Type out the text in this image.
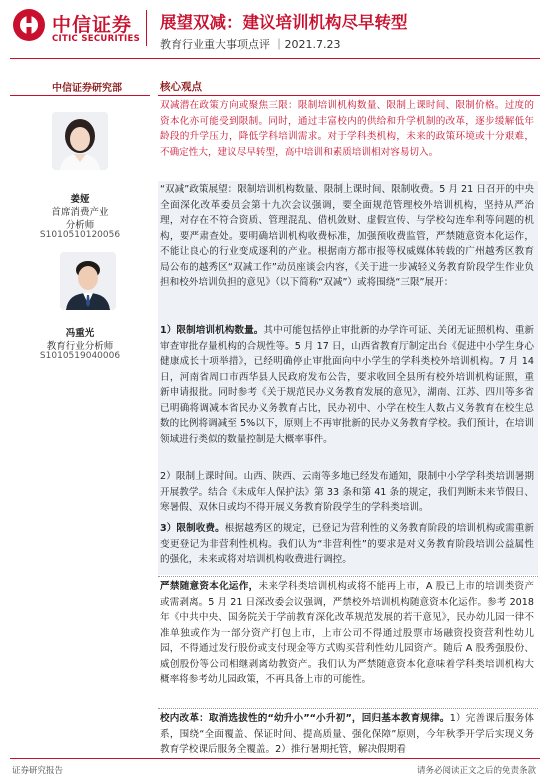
中信证券
CITIC SECURITIES
展望双减：建议培训机构尽早转型
教育行业重大事项点评 ｜2021.7.23
中信证券研究部
姜娅
首席消费产业
分析师
S1010510120056
冯重光
教育行业分析师
S1010519040006
核心观点
双减潜在政策方向或聚焦三限：限制培训机构数量、限制上课时间、限制价格。过度的资本化亦可能受到限制。同时，通过丰富校内的供给和升学机制的改革，逐步缓解低年龄段的升学压力，降低学科培训需求。对于学科类机构，未来的政策环境或十分艰难，不确定性大，建议尽早转型，高中培训和素质培训相对容易切入。
“双减”政策展望：限制培训机构数量、限制上课时间、限制收费。5 月 21 日召开的中央全面深化改革委员会第十九次会议强调，要全面规范管理校外培训机构，坚持从严治理，对存在不符合资质、管理混乱、借机敛财、虚假宣传、与学校勾连牟利等问题的机构，要严肃查处。要明确培训机构收费标准，加强预收费监管，严禁随意资本化运作，不能让良心的行业变成逐利的产业。根据南方都市报等权威媒体转载的广州越秀区教育局公布的越秀区“双减工作”动员座谈会内容，《关于进一步减轻义务教育阶段学生作业负担和校外培训负担的意见》（以下简称“双减”）或将围绕“三限”展开：
1）限制培训机构数量。其中可能包括停止审批新的办学许可证、关闭无证照机构、重新审查审批存量机构的合规性等。5 月 17 日，山西省教育厅制定出台《促进中小学生身心健康成长十项举措》，已经明确停止审批面向中小学生的学科类校外培训机构。7 月 14 日，河南省周口市西华县人民政府发布公告，要求收回全县所有校外培训机构证照，重新申请报批。同时参考《关于规范民办义务教育发展的意见》，湖南、江苏、四川等多省已明确将调减本省民办义务教育占比，民办初中、小学在校生人数占义务教育在校生总数的比例将调减至 5%以下，原则上不再审批新的民办义务教育学校。我们预计，在培训领域进行类似的数量控制是大概率事件。
2）限制上课时间。山西、陕西、云南等多地已经发布通知，限制中小学学科类培训暑期开展教学。结合《未成年人保护法》第 33 条和第 41 条的规定，我们判断未来节假日、寒暑假、双休日或均不得开展义务教育阶段学生的学科类培训。
3）限制收费。根据越秀区的规定，已登记为营利性的义务教育阶段的培训机构或需重新变更登记为非营利性机构。我们认为“非营利性”的要求是对义务教育阶段培训公益属性的强化，未来或将对培训机构收费进行调控。
严禁随意资本化运作，未来学科类培训机构或将不能再上市，A 股已上市的培训类资产或需剥离。5 月 21 日深改委会议强调，严禁校外培训机构随意资本化运作。参考 2018 年《中共中央、国务院关于学前教育深化改革规范发展的若干意见》，民办幼儿园一律不准单独或作为一部分资产打包上市，上市公司不得通过股票市场融资投资营利性幼儿园，不得通过发行股份或支付现金等方式购买营利性幼儿园资产。随后 A 股秀强股份、威创股份等公司相继剥离幼教资产。我们认为严禁随意资本化意味着学科类培训机构大概率将参考幼儿园政策，不再具备上市的可能性。
校内改革：取消选拔性的“幼升小”“小升初”，回归基本教育规律。1）完善课后服务体系，围绕“全面覆盖、保证时间、提高质量、强化保障”原则，今年秋季开学后实现义务教育学校课后服务全覆盖。2）推行暑期托管，解决假期看
证券研究报告	请务必阅读正文之后的免责条款
